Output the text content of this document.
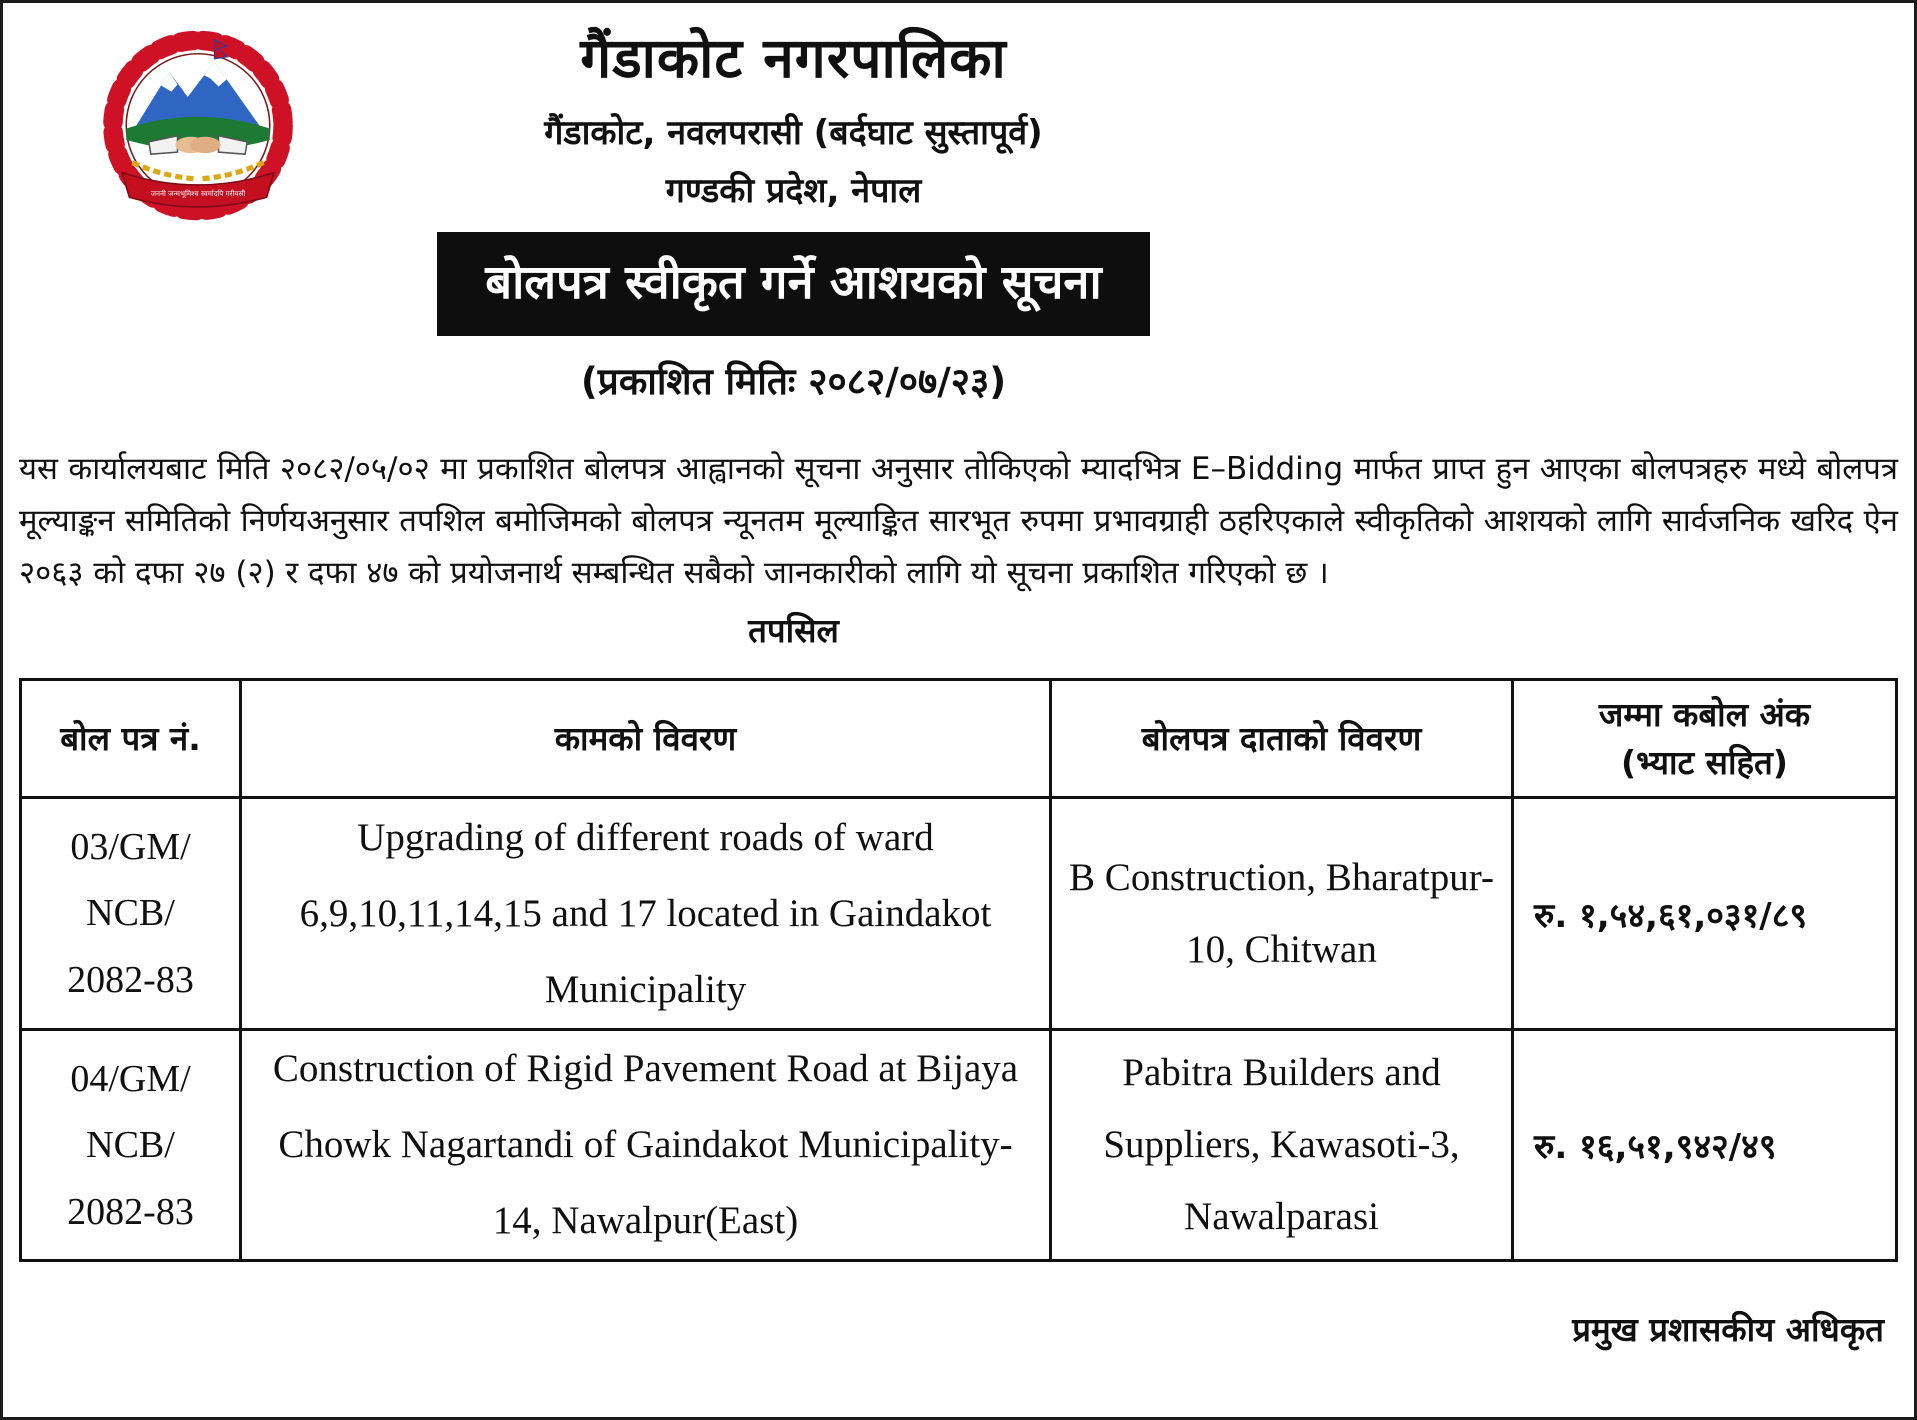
जननी जन्मभूमिश्च स्वर्गादपि गरीयसी
गैंडाकोट नगरपालिका
गैंडाकोट, नवलपरासी (बर्दघाट सुस्तापूर्व)
गण्डकी प्रदेश, नेपाल
बोलपत्र स्वीकृत गर्ने आशयको सूचना
(प्रकाशित मितिः २०८२/०७/२३)

यस कार्यालयबाट मिति २०८२/०५/०२ मा प्रकाशित बोलपत्र आह्वानको सूचना अनुसार तोकिएको म्यादभित्र E–Bidding मार्फत प्राप्त हुन आएका बोलपत्रहरु मध्ये बोलपत्र मूल्याङ्कन समितिको निर्णयअनुसार तपशिल बमोजिमको बोलपत्र न्यूनतम मूल्याङ्कित सारभूत रुपमा प्रभावग्राही ठहरिएकाले स्वीकृतिको आशयको लागि सार्वजनिक खरिद ऐन २०६३ को दफा २७ (२) र दफा ४७ को प्रयोजनार्थ सम्बन्धित सबैको जानकारीको लागि यो सूचना प्रकाशित गरिएको छ ।

तपसिल
बोल पत्र नं.	कामको विवरण	बोलपत्र दाताको विवरण	जम्मा कबोल अंक
(भ्याट सहित)

03/GM/
NCB/
2082-83	Upgrading of different roads of ward 6,9,10,11,14,15 and 17 located in Gaindakot Municipality	B Construction, Bharatpur-10, Chitwan	रु. १,५४,६१,०३१/८९

04/GM/
NCB/
2082-83	Construction of Rigid Pavement Road at Bijaya Chowk Nagartandi of Gaindakot Municipality-14, Nawalpur(East)	Pabitra Builders and Suppliers, Kawasoti-3, Nawalparasi	रु. १६,५१,९४२/४९
प्रमुख प्रशासकीय अधिकृत
